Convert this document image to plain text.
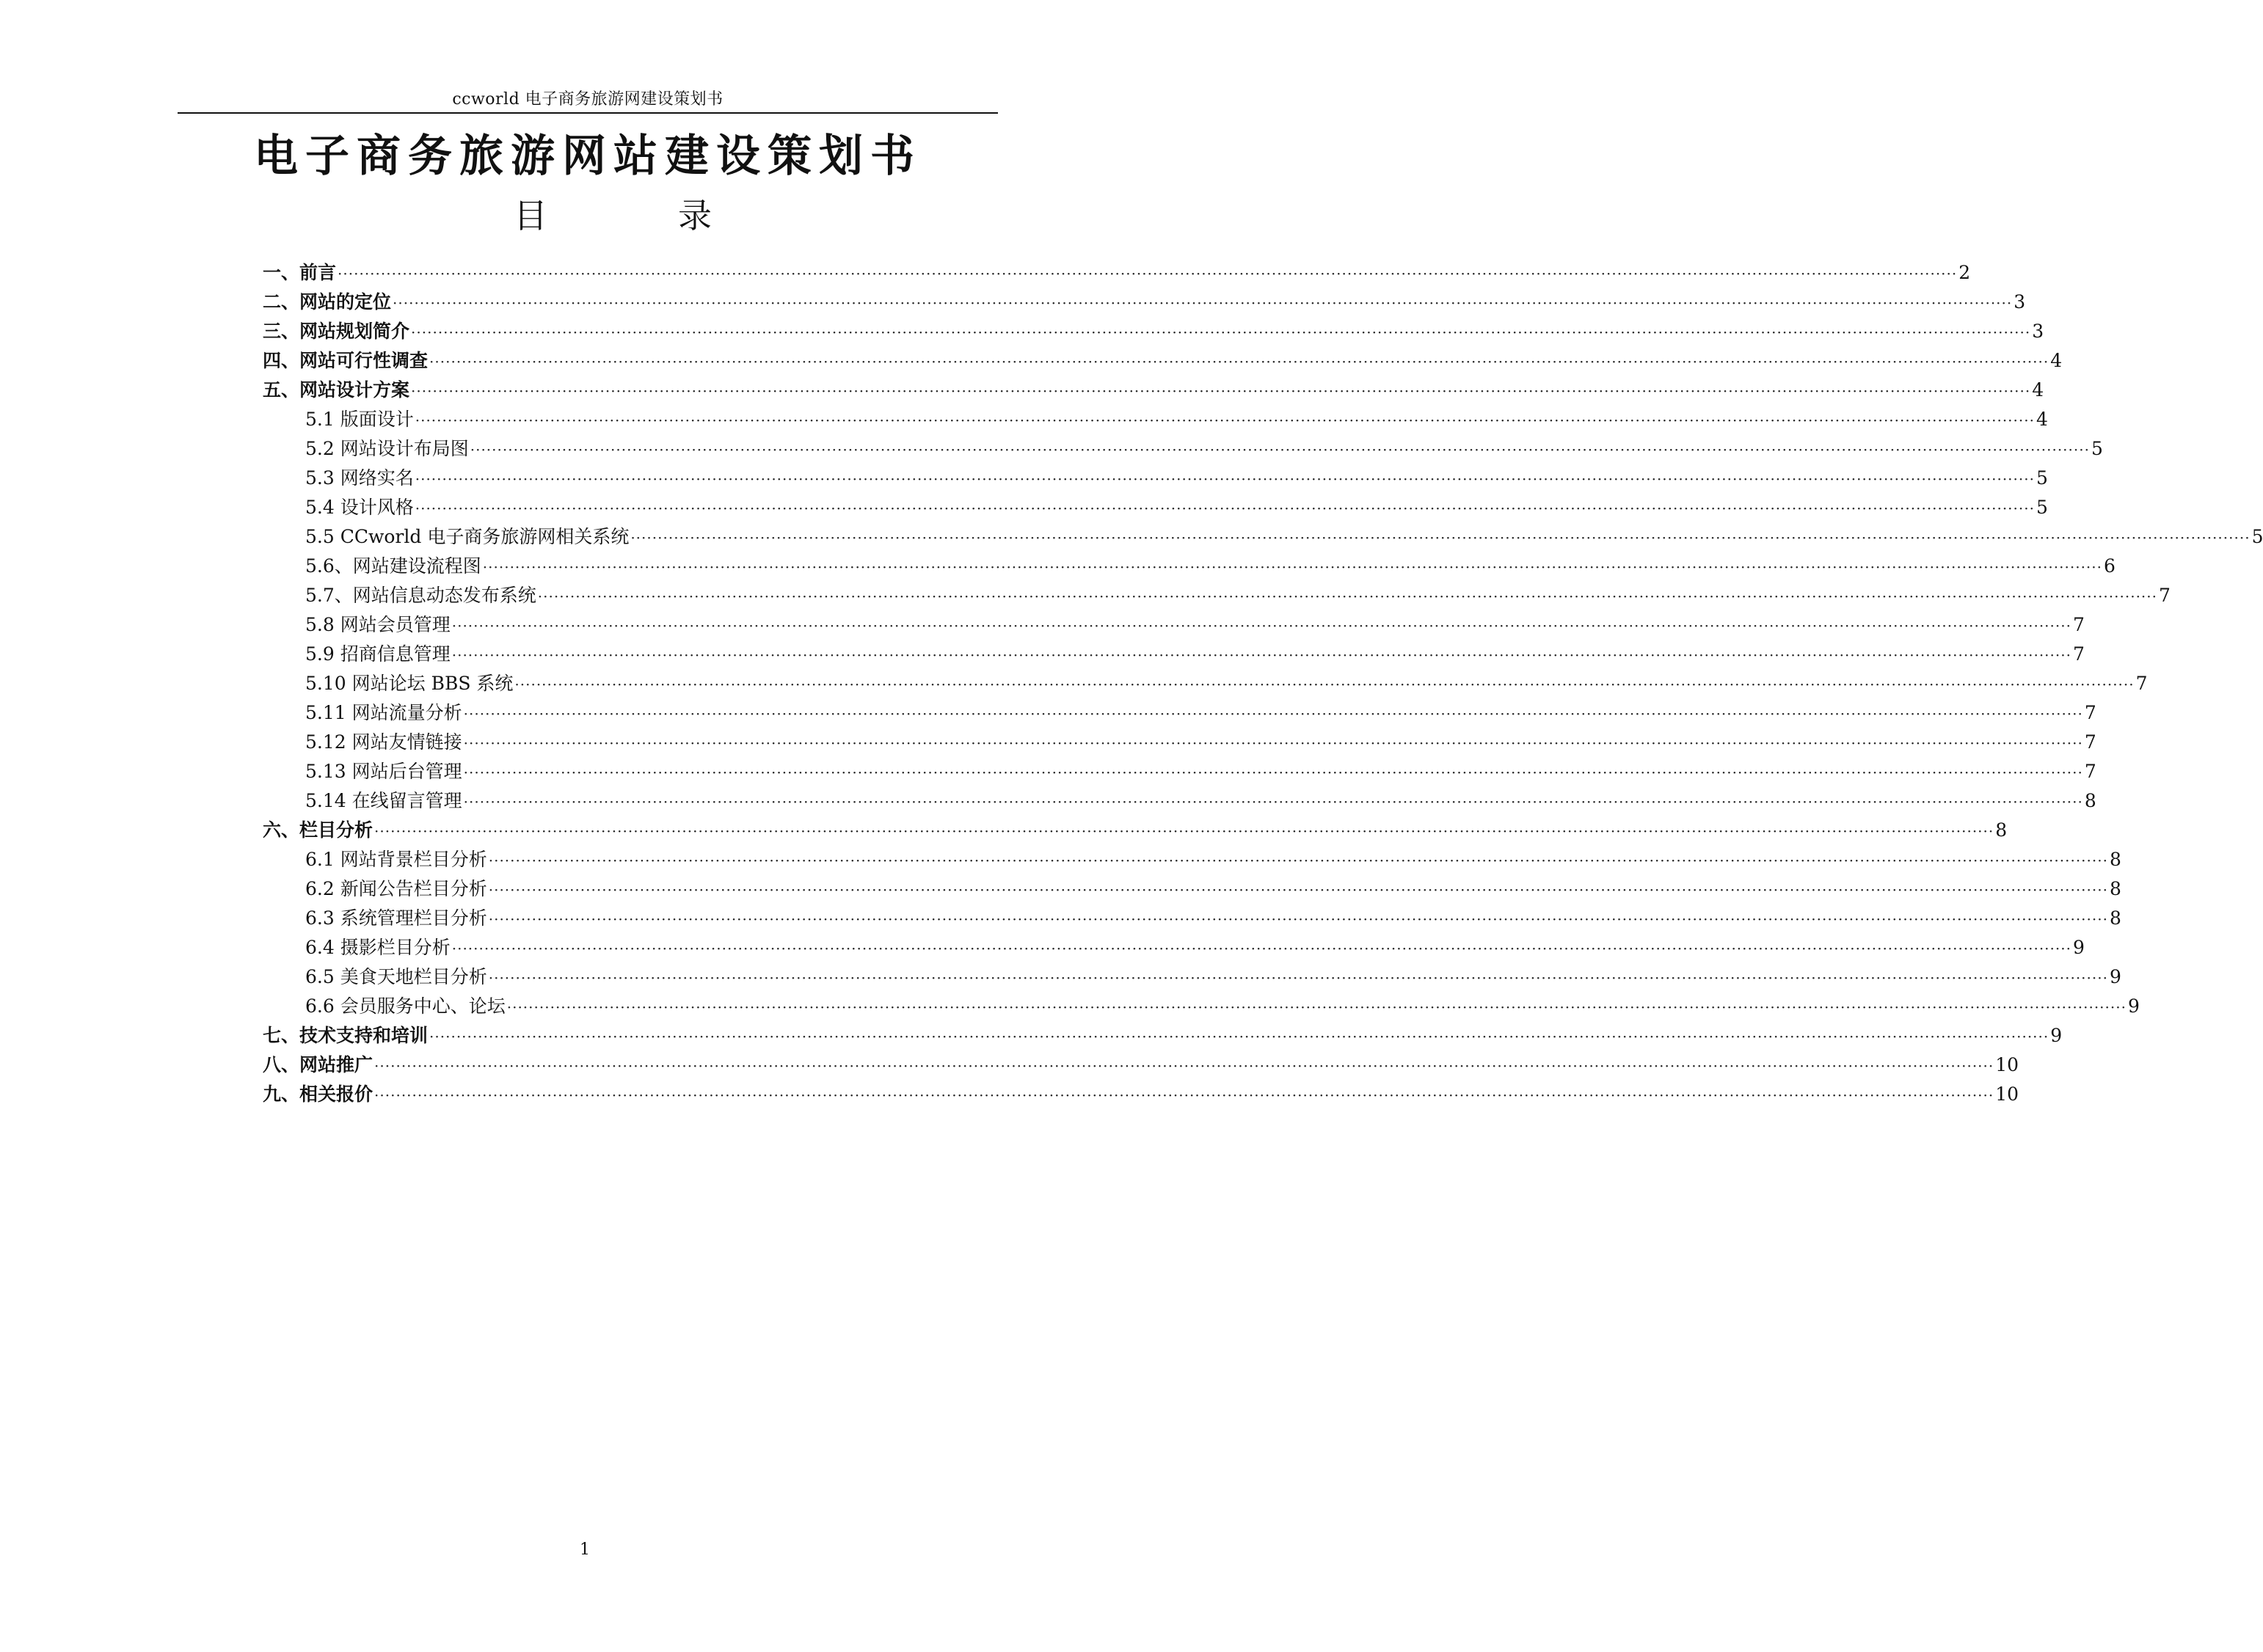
ccworld 电子商务旅游网建设策划书
电子商务旅游网站建设策划书
目	录
一、前言 ············································································································································································································································································································ 2
二、网站的定位 ············································································································································································································································································································ 3
三、网站规划简介 ············································································································································································································································································································ 3
四、网站可行性调查 ············································································································································································································································································································ 4
五、网站设计方案 ············································································································································································································································································································ 4
5.1 版面设计 ············································································································································································································································································································ 4
5.2 网站设计布局图 ············································································································································································································································································································ 5
5.3 网络实名 ············································································································································································································································································································ 5
5.4 设计风格 ············································································································································································································································································································ 5
5.5 CCworld 电子商务旅游网相关系统 ············································································································································································································································································································ 5
5.6、网站建设流程图 ············································································································································································································································································································ 6
5.7、网站信息动态发布系统 ············································································································································································································································································································ 7
5.8 网站会员管理 ············································································································································································································································································································ 7
5.9 招商信息管理 ············································································································································································································································································································ 7
5.10 网站论坛 BBS 系统 ············································································································································································································································································································ 7
5.11 网站流量分析 ············································································································································································································································································································ 7
5.12 网站友情链接 ············································································································································································································································································································ 7
5.13 网站后台管理 ············································································································································································································································································································ 7
5.14 在线留言管理 ············································································································································································································································································································ 8
六、栏目分析 ············································································································································································································································································································ 8
6.1 网站背景栏目分析 ············································································································································································································································································································ 8
6.2 新闻公告栏目分析 ············································································································································································································································································································ 8
6.3 系统管理栏目分析 ············································································································································································································································································································ 8
6.4 摄影栏目分析 ············································································································································································································································································································ 9
6.5 美食天地栏目分析 ············································································································································································································································································································ 9
6.6 会员服务中心、论坛 ············································································································································································································································································································ 9
七、技术支持和培训 ············································································································································································································································································································ 9
八、网站推广 ············································································································································································································································································································ 10
九、相关报价 ············································································································································································································································································································ 10
1
